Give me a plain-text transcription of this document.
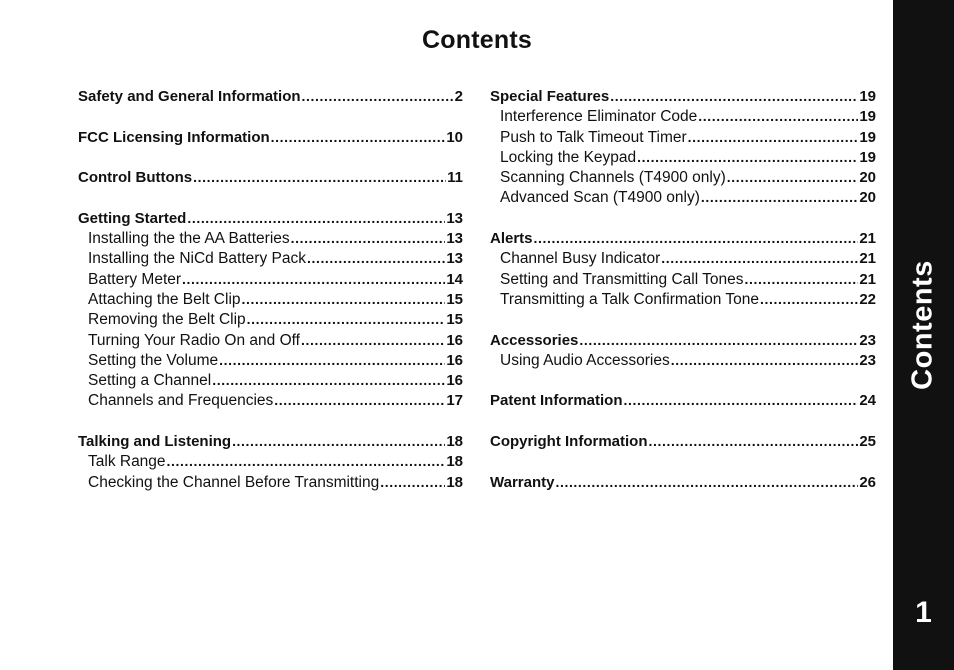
Contents
Safety and General Information .....	2
FCC Licensing Information .....	10
Control Buttons .....	11
Getting Started .....	13
Installing the the AA Batteries .....	13
Installing the NiCd Battery Pack .....	13
Battery Meter .....	14
Attaching the Belt Clip .....	15
Removing the Belt Clip .....	15
Turning Your Radio On and Off .....	16
Setting the Volume .....	16
Setting a Channel .....	16
Channels and Frequencies .....	17
Talking and Listening .....	18
Talk Range .....	18
Checking the Channel Before Transmitting .....	18
Special Features .....	19
Interference Eliminator Code .....	19
Push to Talk Timeout Timer .....	19
Locking the Keypad .....	19
Scanning Channels (T4900 only) .....	20
Advanced Scan (T4900 only) .....	20
Alerts .....	21
Channel Busy Indicator .....	21
Setting and Transmitting Call Tones .....	21
Transmitting a Talk Confirmation Tone .....	22
Accessories .....	23
Using Audio Accessories .....	23
Patent Information .....	24
Copyright Information .....	25
Warranty .....	26
Contents
1
